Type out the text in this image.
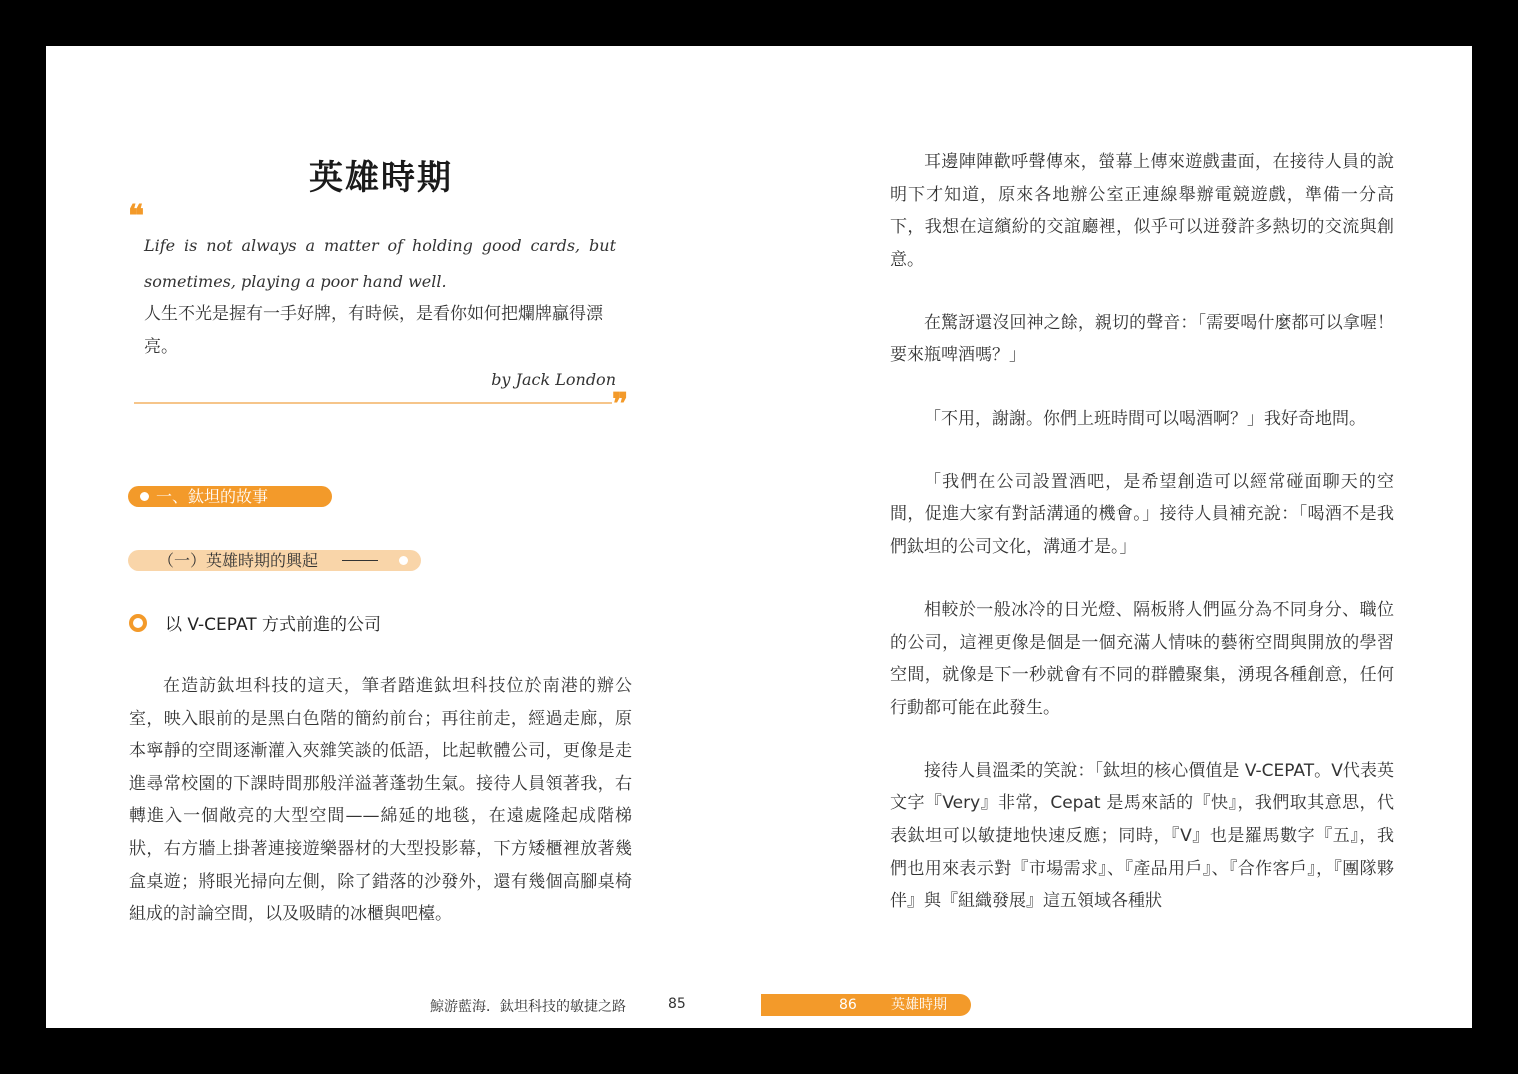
英雄時期
❝
Life is not always a matter of holding good cards, but sometimes, playing a poor hand well.
人生不光是握有一手好牌，有時候，是看你如何把爛牌贏得漂亮。
by Jack London
❞
一、鈦坦的故事
（一）英雄時期的興起
以 V-CEPAT 方式前進的公司

在造訪鈦坦科技的這天，筆者踏進鈦坦科技位於南港的辦公室，映入眼前的是黑白色階的簡約前台；再往前走，經過走廊，原本寧靜的空間逐漸灌入夾雜笑談的低語，比起軟體公司，更像是走進尋常校園的下課時間那般洋溢著蓬勃生氣。接待人員領著我，右轉進入一個敞亮的大型空間——綿延的地毯，在遠處隆起成階梯狀，右方牆上掛著連接遊樂器材的大型投影幕，下方矮櫃裡放著幾盒桌遊；將眼光掃向左側，除了錯落的沙發外，還有幾個高腳桌椅組成的討論空間，以及吸睛的冰櫃與吧檯。

鯨游藍海．鈦坦科技的敏捷之路	85

耳邊陣陣歡呼聲傳來，螢幕上傳來遊戲畫面，在接待人員的說明下才知道，原來各地辦公室正連線舉辦電競遊戲，準備一分高下，我想在這繽紛的交誼廳裡，似乎可以迸發許多熱切的交流與創意。

在驚訝還沒回神之餘，親切的聲音：「需要喝什麼都可以拿喔！要來瓶啤酒嗎？」

「不用，謝謝。你們上班時間可以喝酒啊？」我好奇地問。

「我們在公司設置酒吧，是希望創造可以經常碰面聊天的空間，促進大家有對話溝通的機會。」接待人員補充說：「喝酒不是我們鈦坦的公司文化，溝通才是。」

相較於一般冰冷的日光燈、隔板將人們區分為不同身分、職位的公司，這裡更像是個是一個充滿人情味的藝術空間與開放的學習空間，就像是下一秒就會有不同的群體聚集，湧現各種創意，任何行動都可能在此發生。

接待人員溫柔的笑說：「鈦坦的核心價值是 V-CEPAT。V代表英文字『Very』非常，Cepat 是馬來話的『快』，我們取其意思，代表鈦坦可以敏捷地快速反應；同時，『V』也是羅馬數字『五』，我們也用來表示對『市場需求』、『產品用戶』、『合作客戶』，『團隊夥伴』與『組織發展』這五領域各種狀

86 英雄時期
